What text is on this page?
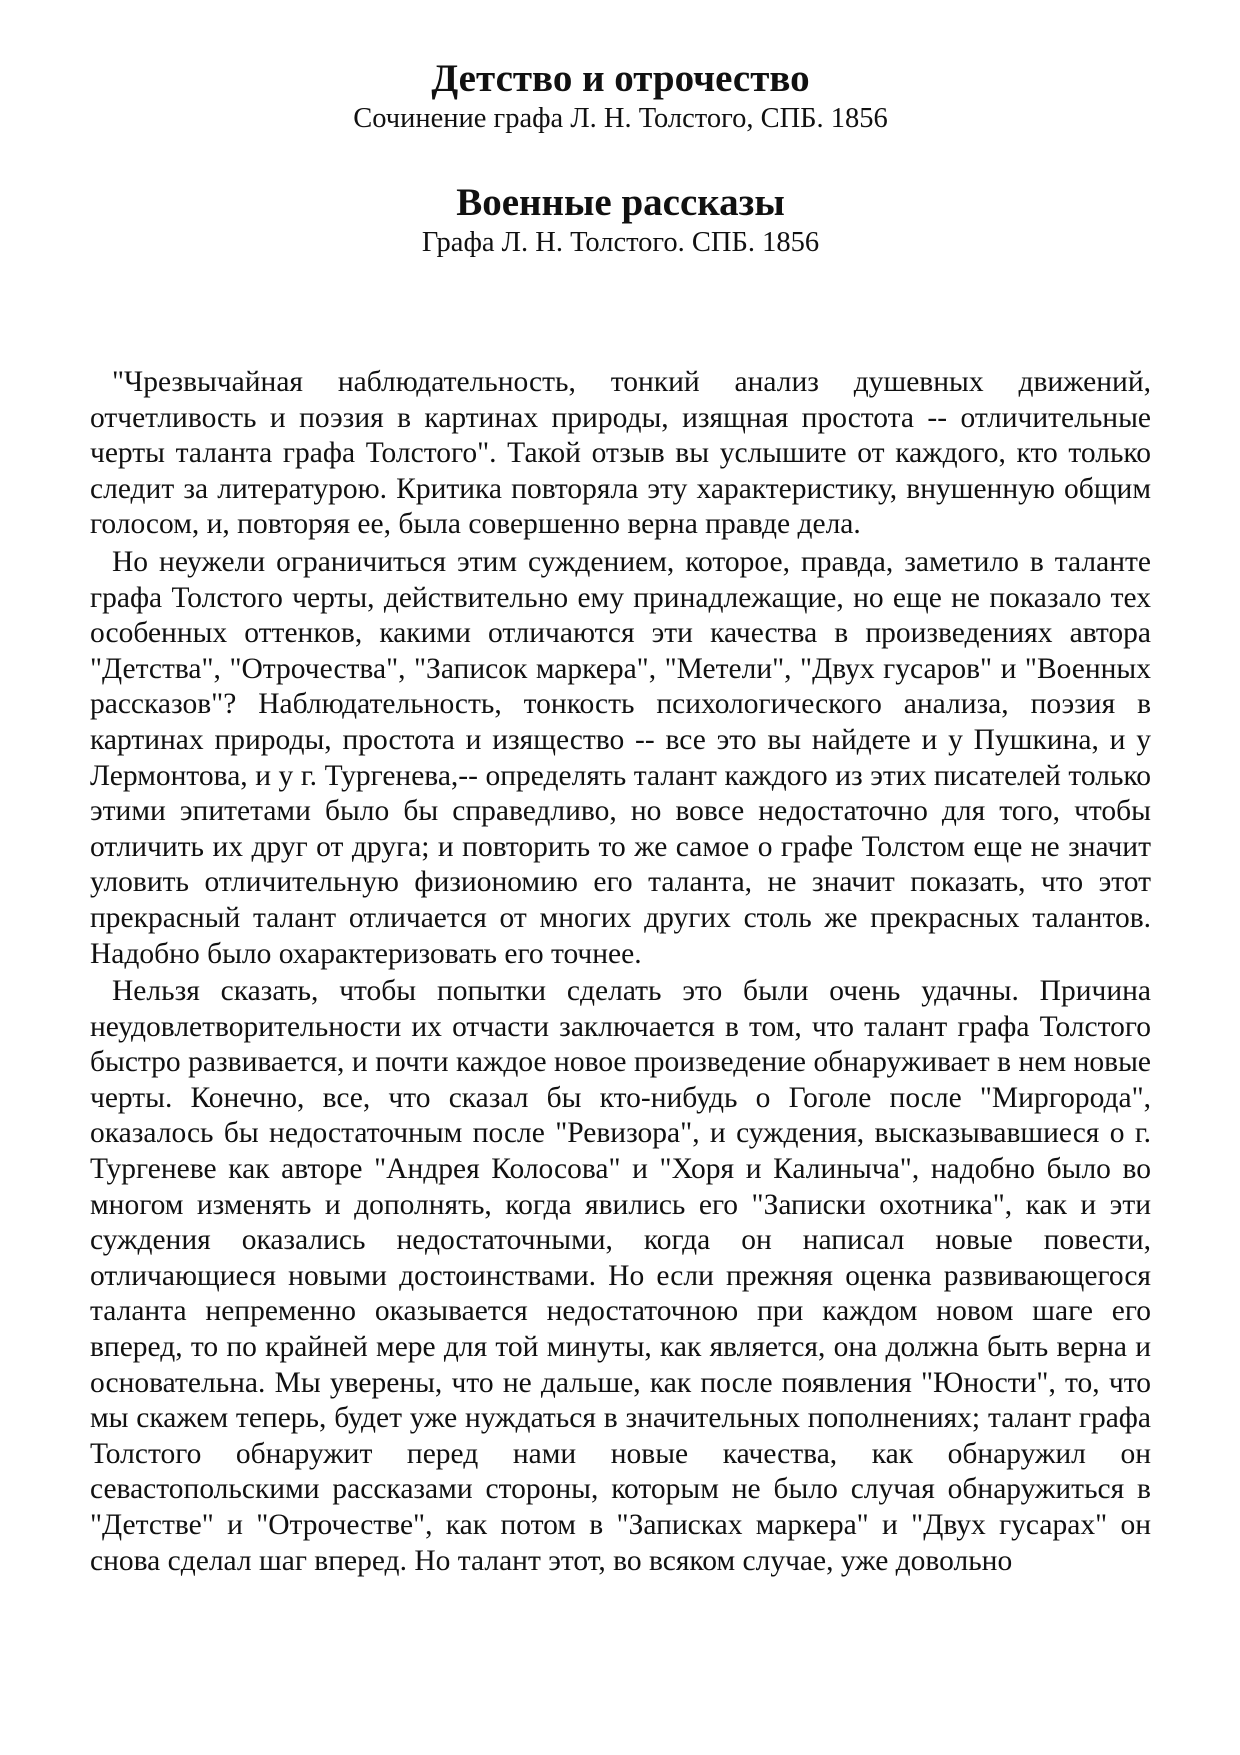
Детство и отрочество

Сочинение графа Л. Н. Толстого, СПБ. 1856

Военные рассказы

Графа Л. Н. Толстого. СПБ. 1856

"Чрезвычайная наблюдательность, тонкий анализ душевных движений, отчетливость и поэзия в картинах природы, изящная простота -- отличительные черты таланта графа Толстого". Такой отзыв вы услышите от каждого, кто только следит за литературою. Критика повторяла эту характеристику, внушенную общим голосом, и, повторяя ее, была совершенно верна правде дела.

Но неужели ограничиться этим суждением, которое, правда, заметило в таланте графа Толстого черты, действительно ему принадлежащие, но еще не показало тех особенных оттенков, какими отличаются эти качества в произведениях автора "Детства", "Отрочества", "Записок маркера", "Метели", "Двух гусаров" и "Военных рассказов"? Наблюдательность, тонкость психологического анализа, поэзия в картинах природы, простота и изящество -- все это вы найдете и у Пушкина, и у Лермонтова, и у г. Тургенева,-- определять талант каждого из этих писателей только этими эпитетами было бы справедливо, но вовсе недостаточно для того, чтобы отличить их друг от друга; и повторить то же самое о графе Толстом еще не значит уловить отличительную физиономию его таланта, не значит показать, что этот прекрасный талант отличается от многих других столь же прекрасных талантов. Надобно было охарактеризовать его точнее.

Нельзя сказать, чтобы попытки сделать это были очень удачны. Причина неудовлетворительности их отчасти заключается в том, что талант графа Толстого быстро развивается, и почти каждое новое произведение обнаруживает в нем новые черты. Конечно, все, что сказал бы кто-нибудь о Гоголе после "Миргорода", оказалось бы недостаточным после "Ревизора", и суждения, высказывавшиеся о г. Тургеневе как авторе "Андрея Колосова" и "Хоря и Калиныча", надобно было во многом изменять и дополнять, когда явились его "Записки охотника", как и эти суждения оказались недостаточными, когда он написал новые повести, отличающиеся новыми достоинствами. Но если прежняя оценка развивающегося таланта непременно оказывается недостаточною при каждом новом шаге его вперед, то по крайней мере для той минуты, как является, она должна быть верна и основательна. Мы уверены, что не дальше, как после появления "Юности", то, что мы скажем теперь, будет уже нуждаться в значительных пополнениях; талант графа Толстого обнаружит перед нами новые качества, как обнаружил он севастопольскими рассказами стороны, которым не было случая обнаружиться в "Детстве" и "Отрочестве", как потом в "Записках маркера" и "Двух гусарах" он снова сделал шаг вперед. Но талант этот, во всяком случае, уже довольно
